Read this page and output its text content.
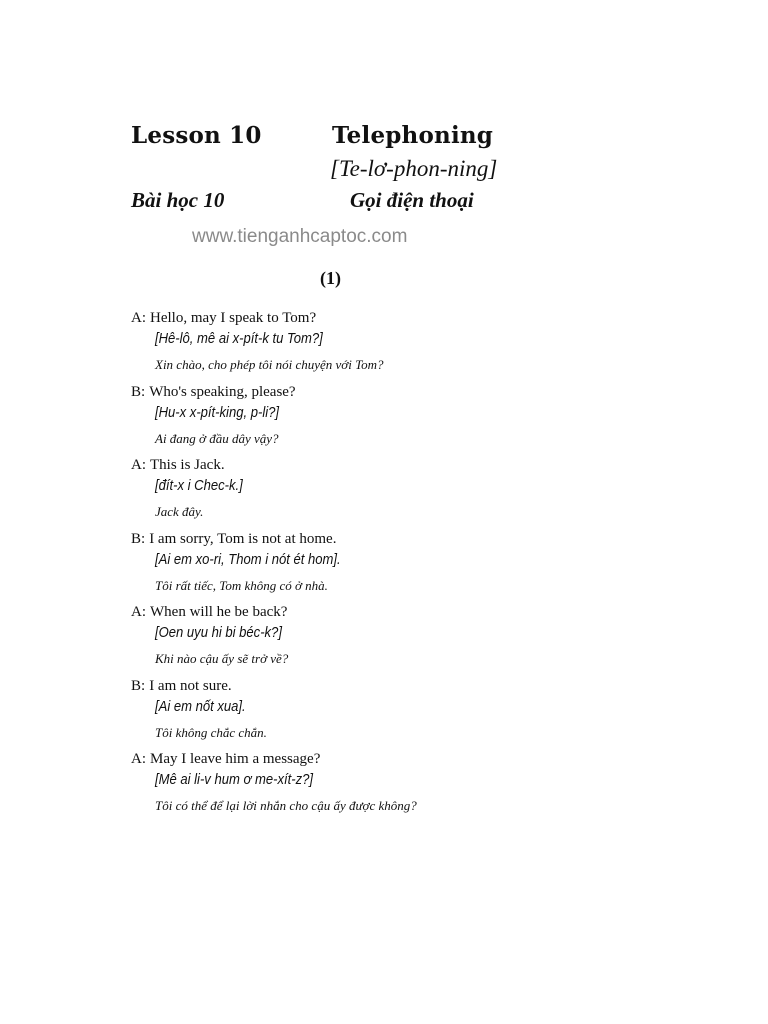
Lesson 10	Telephoning
[Te-lơ-phon-ning]
Bài học 10	Gọi điện thoại
www.tienganhcaptoc.com
(1)
A: Hello, may I speak to Tom?
[Hê-lô, mê ai x-pít-k tu Tom?]
Xin chào, cho phép tôi nói chuyện với Tom?
B: Who's speaking, please?
[Hu-x x-pít-king, p-li?]
Ai đang ở đầu dây vậy?
A: This is Jack.
[đít-x i Chec-k.]
Jack đây.
B: I am sorry, Tom is not at home.
[Ai em xo-ri, Thom i nót ét hom].
Tôi rất tiếc, Tom không có ở nhà.
A: When will he be back?
[Oen uyu hi bi béc-k?]
Khi nào cậu ấy sẽ trở về?
B: I am not sure.
[Ai em nốt xua].
Tôi không chắc chắn.
A: May I leave him a message?
[Mê ai li-v hum ơ me-xít-z?]
Tôi có thể để lại lời nhắn cho cậu ấy được không?
